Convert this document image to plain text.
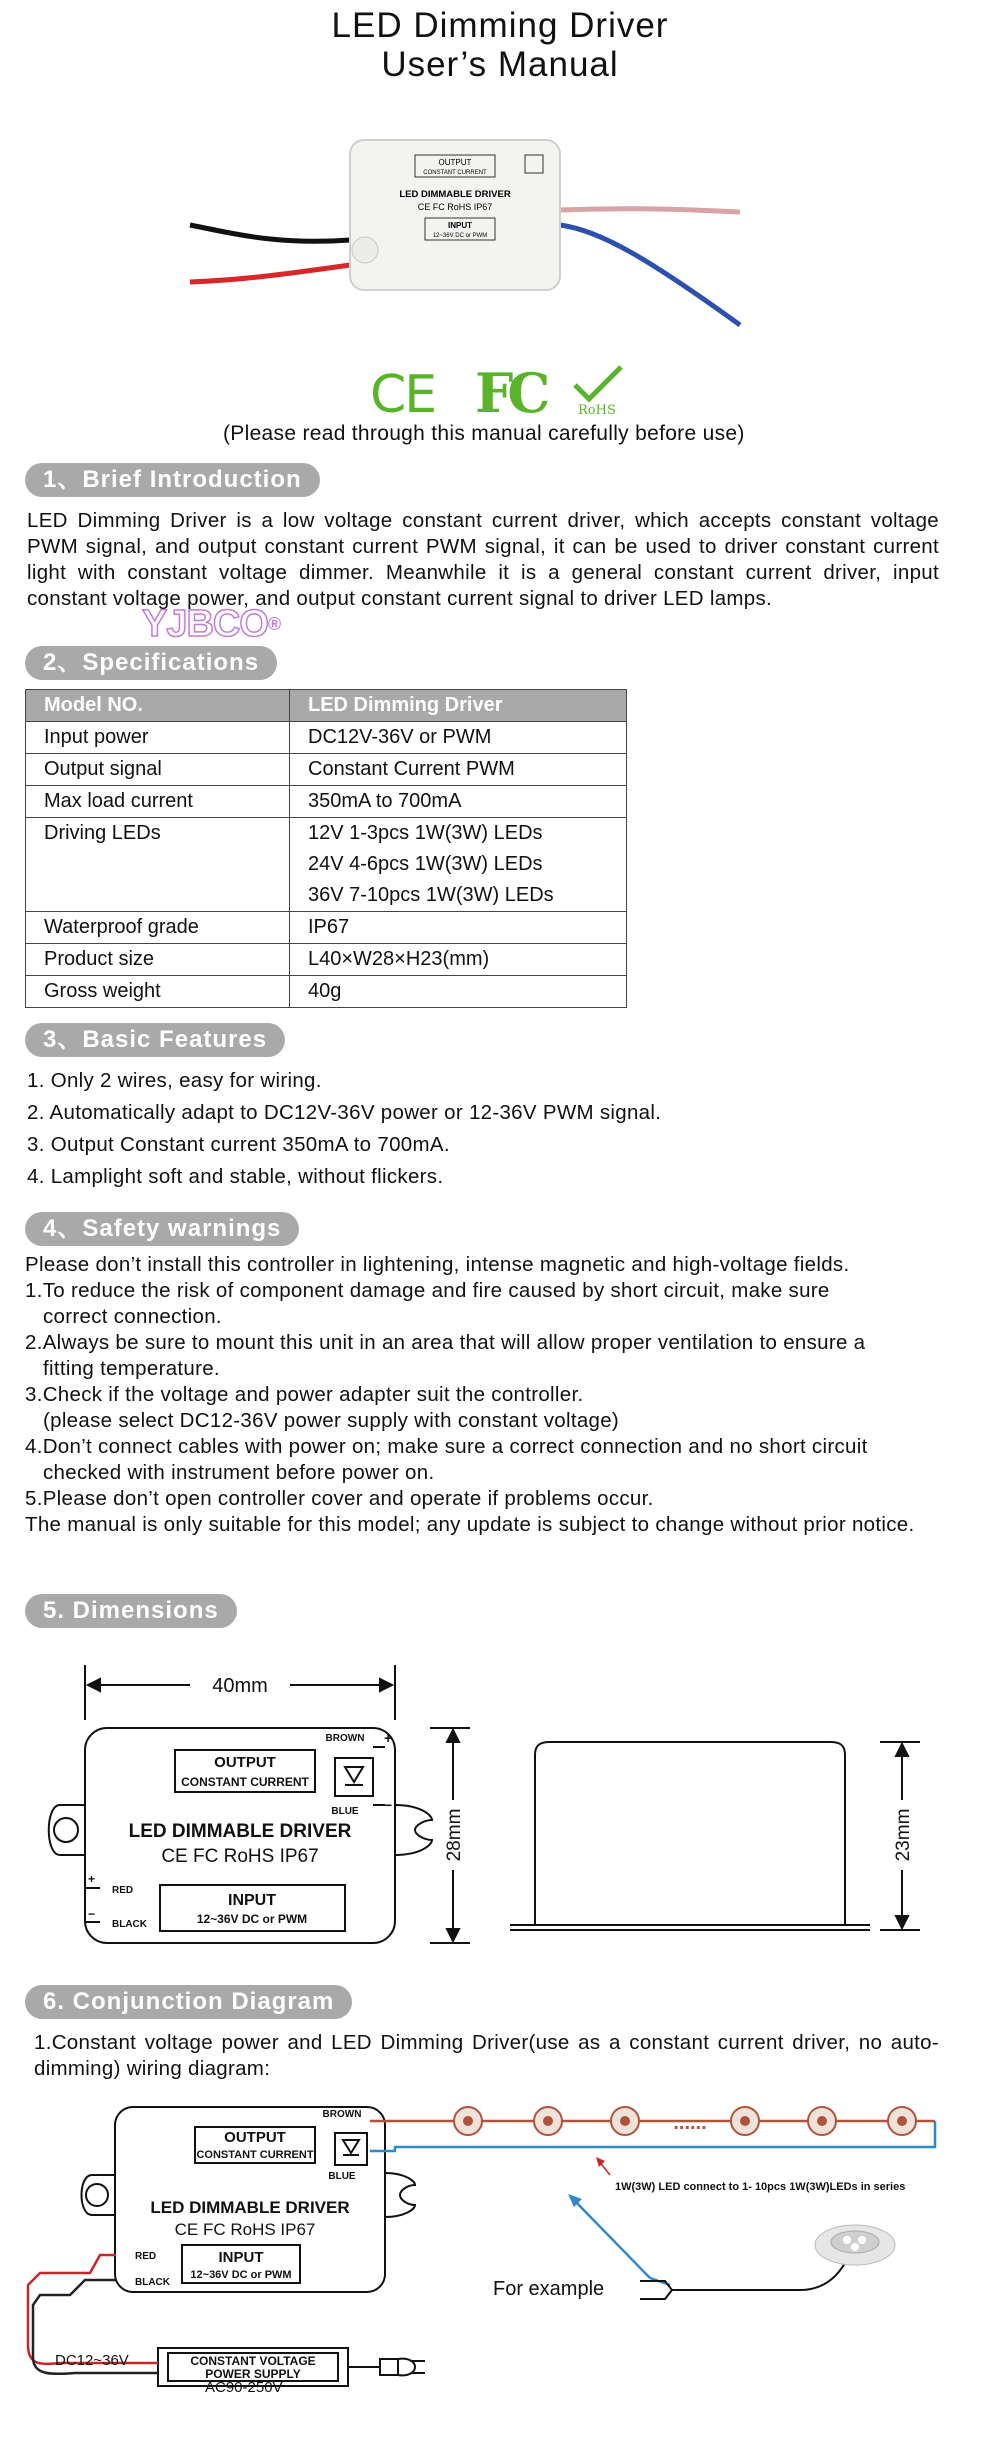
LED Dimming Driver
User’s Manual
OUTPUT
CONSTANT CURRENT
LED DIMMABLE DRIVER
CE FC RoHS IP67
INPUT
12~36V DC or PWM
CE FC	RoHS
(Please read through this manual carefully before use)
1、Brief Introduction
LED Dimming Driver is a low voltage constant current driver, which accepts constant voltage PWM signal, and output constant current PWM signal, it can be used to driver constant current light with constant voltage dimmer. Meanwhile it is a general constant current driver, input constant voltage power, and output constant current signal to driver LED lamps.
YJBCO®
2、Specifications
Model NO.	LED Dimming Driver
Input power	DC12V-36V or PWM
Output signal	Constant Current PWM
Max load current	350mA to 700mA
Driving LEDs	12V 1-3pcs 1W(3W) LEDs
24V 4-6pcs 1W(3W) LEDs
36V 7-10pcs 1W(3W) LEDs

Waterproof grade	IP67
Product size	L40×W28×H23(mm)
Gross weight	40g
3、Basic Features
1. Only 2 wires, easy for wiring.
2. Automatically adapt to DC12V-36V power or 12-36V PWM signal.
3. Output Constant current 350mA to 700mA.
4. Lamplight soft and stable, without flickers.
4、Safety warnings
Please don’t install this controller in lightening, intense magnetic and high-voltage fields.
1.To reduce the risk of component damage and fire caused by short circuit, make sure
correct connection.
2.Always be sure to mount this unit in an area that will allow proper ventilation to ensure a
fitting temperature.
3.Check if the voltage and power adapter suit the controller.
(please select DC12-36V power supply with constant voltage)
4.Don’t connect cables with power on; make sure a correct connection and no short circuit
checked with instrument before power on.
5.Please don’t open controller cover and operate if problems occur.
The manual is only suitable for this model; any update is subject to change without prior notice.
5. Dimensions
40mm
OUTPUT
CONSTANT CURRENT
LED DIMMABLE DRIVER
CE FC RoHS IP67
INPUT
12~36V DC or PWM
BROWN
BLUE
RED
BLACK
+
−
+
−
28mm	23mm
6. Conjunction Diagram
1.Constant voltage power and LED Dimming Driver(use as a constant current driver, no auto-dimming) wiring diagram:
OUTPUT
CONSTANT CURRENT
LED DIMMABLE DRIVER
CE FC RoHS IP67
INPUT
12~36V DC or PWM
BROWN
BLUE
RED
BLACK
......
1W(3W) LED connect to 1- 10pcs 1W(3W)LEDs in series
For example
CONSTANT VOLTAGE
POWER SUPPLY
DC12~36V
AC90-250V
